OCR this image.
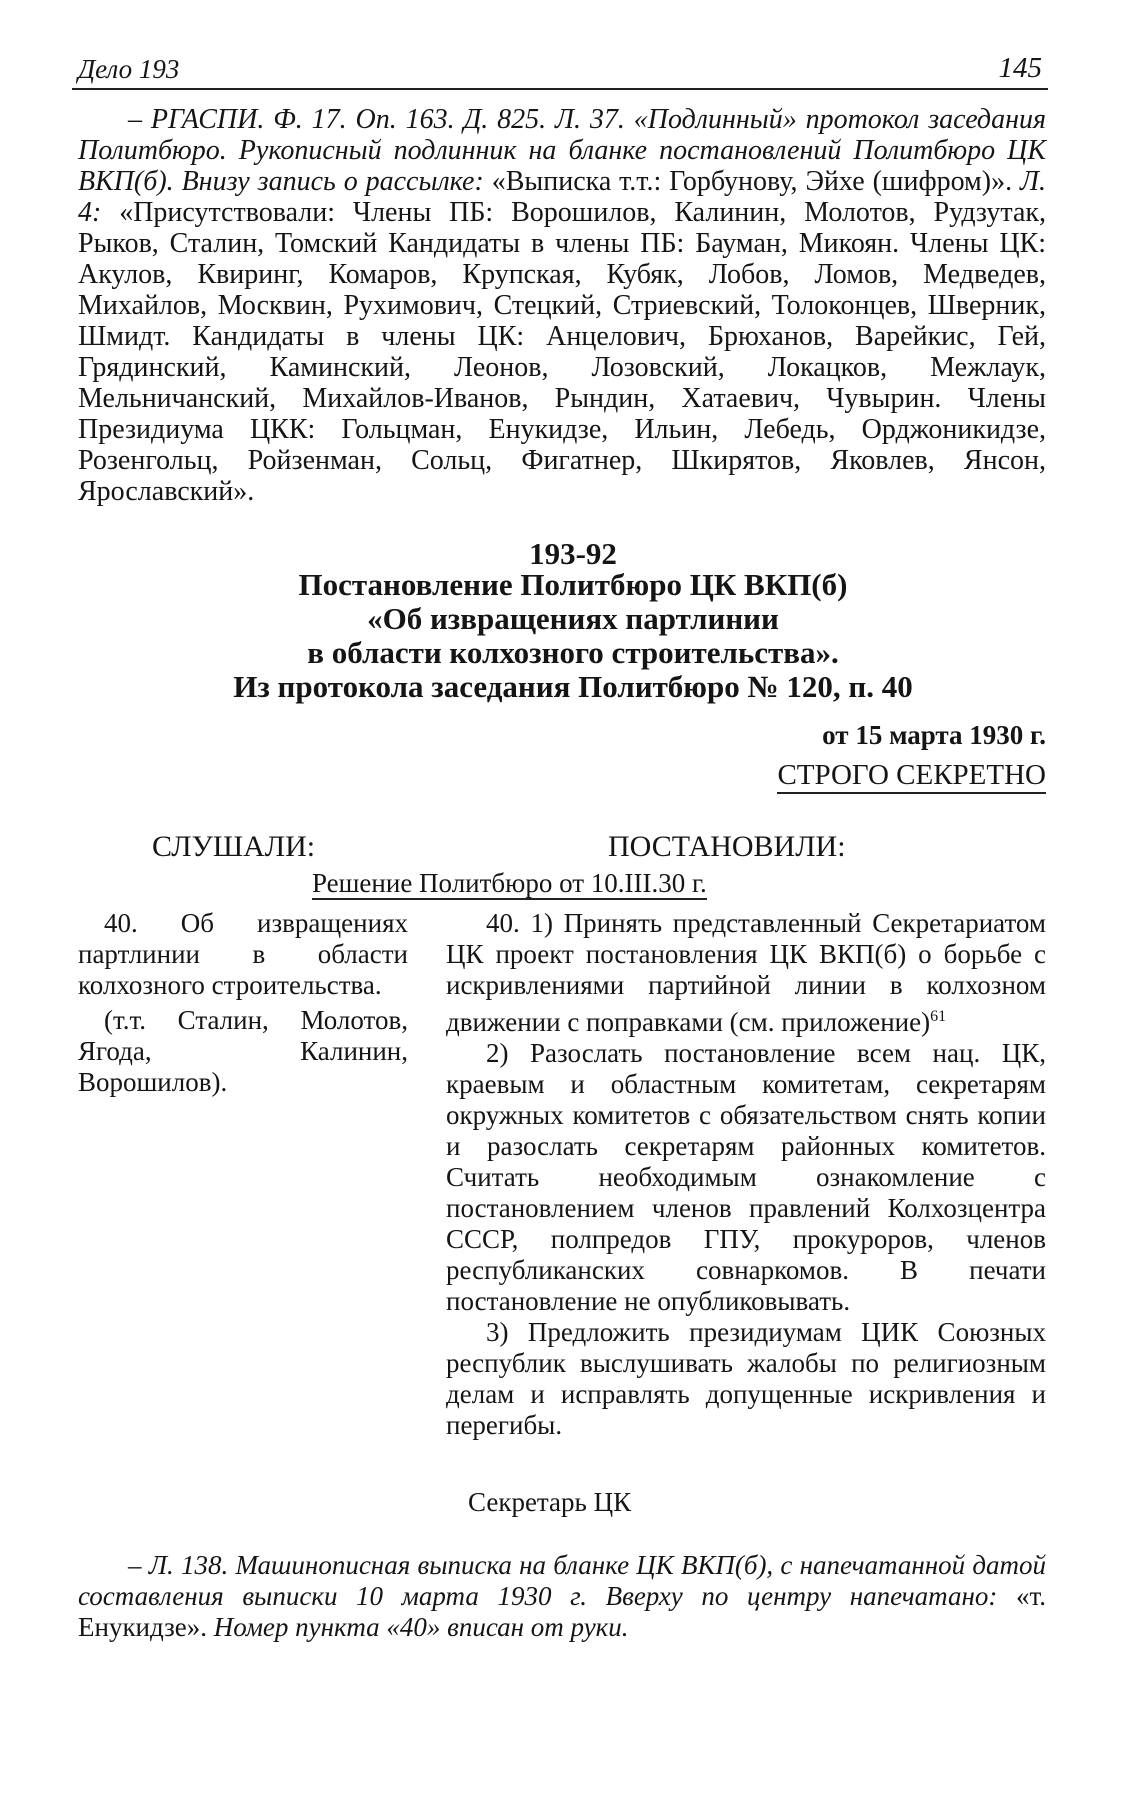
Дело 193	145
– РГАСПИ. Ф. 17. Оп. 163. Д. 825. Л. 37. «Подлинный» протокол заседания Политбюро. Рукописный подлинник на бланке постановлений Политбюро ЦК ВКП(б). Внизу запись о рассылке: «Выписка т.т.: Горбунову, Эйхе (шифром)». Л. 4: «Присутствовали: Члены ПБ: Ворошилов, Калинин, Молотов, Рудзутак, Рыков, Сталин, Томский Кандидаты в члены ПБ: Бауман, Микоян. Члены ЦК: Акулов, Квиринг, Комаров, Крупская, Кубяк, Лобов, Ломов, Медведев, Михайлов, Москвин, Рухимович, Стецкий, Стриевский, Толоконцев, Шверник, Шмидт. Кандидаты в члены ЦК: Анцелович, Брюханов, Варейкис, Гей, Грядинский, Каминский, Леонов, Лозовский, Локацков, Межлаук, Мельничанский, Михайлов-Иванов, Рындин, Хатаевич, Чувырин. Члены Президиума ЦКК: Гольцман, Енукидзе, Ильин, Лебедь, Орджоникидзе, Розенгольц, Ройзенман, Сольц, Фигатнер, Шкирятов, Яковлев, Янсон, Ярославский».
193-92
Постановление Политбюро ЦК ВКП(б)
«Об извращениях партлинии
в области колхозного строительства».
Из протокола заседания Политбюро № 120, п. 40
от 15 марта 1930 г.
СТРОГО СЕКРЕТНО
СЛУШАЛИ:	ПОСТАНОВИЛИ:
Решение Политбюро от 10.III.30 г.

40. Об извращениях партлинии в области колхозного строительства.

(т.т. Сталин, Молотов, Ягода, Калинин, Ворошилов).

40. 1) Принять представленный Секретариатом ЦК проект постановления ЦК ВКП(б) о борьбе с искривлениями партийной линии в колхозном движении с поправками (см. приложение)$^{61}$

2) Разослать постановление всем нац. ЦК, краевым и областным комитетам, секретарям окружных комитетов с обязательством снять копии и разослать секретарям районных комитетов. Считать необходимым ознакомление с постановлением членов правлений Колхозцентра СССР, полпредов ГПУ, прокуроров, членов республиканских совнаркомов. В печати постановление не опубликовывать.

3) Предложить президиумам ЦИК Союзных республик выслушивать жалобы по религиозным делам и исправлять допущенные искривления и перегибы.

Секретарь ЦК
– Л. 138. Машинописная выписка на бланке ЦК ВКП(б), с напечатанной датой составления выписки 10 марта 1930 г. Вверху по центру напечатано: «т. Енукидзе». Номер пункта «40» вписан от руки.
